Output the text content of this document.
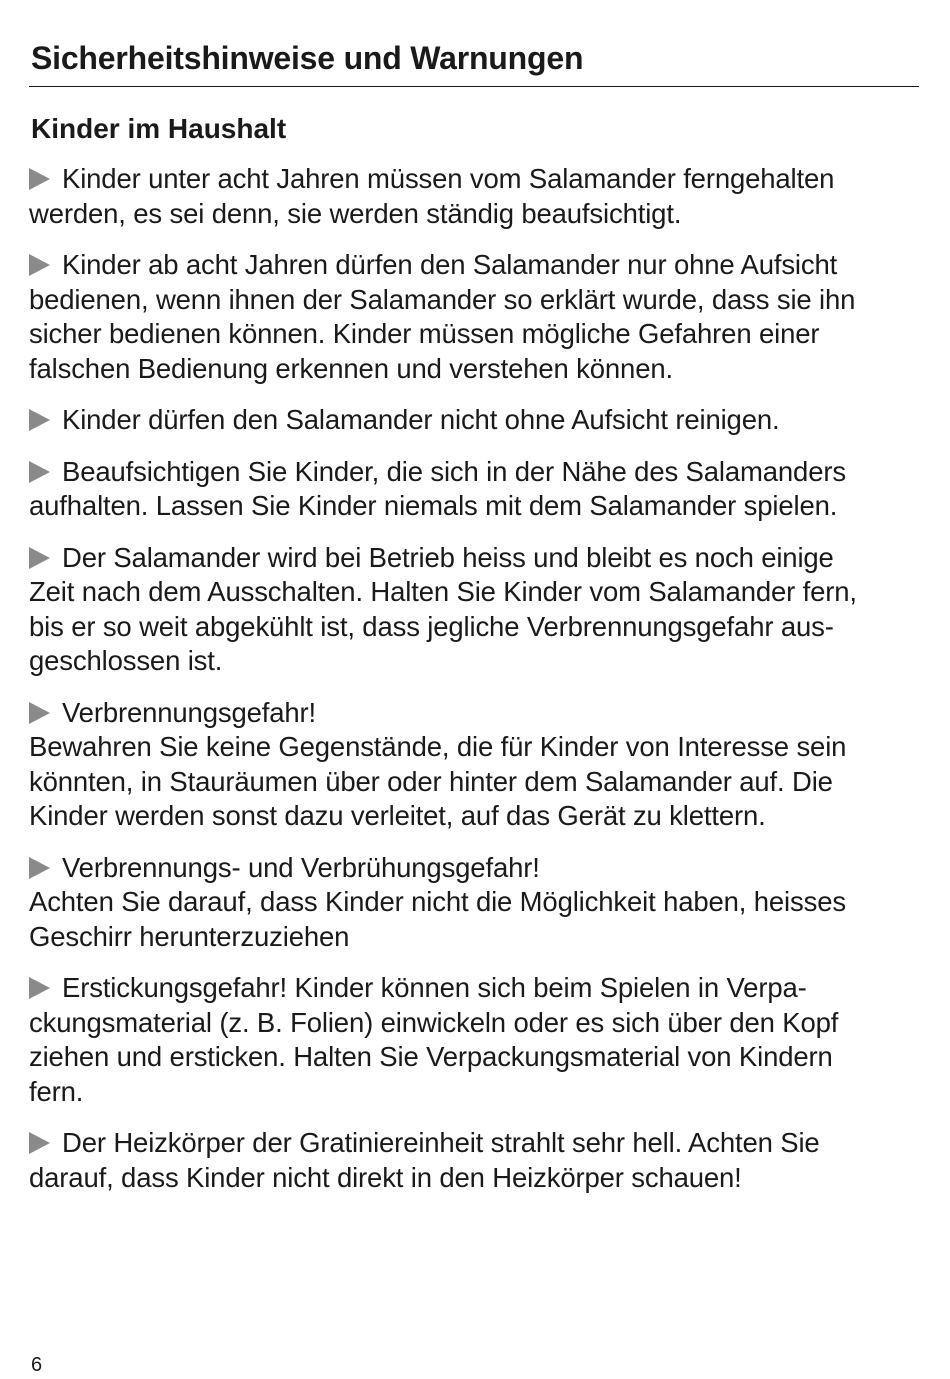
Sicherheitshinweise und Warnungen
Kinder im Haushalt
Kinder unter acht Jahren müssen vom Salamander ferngehalten
werden, es sei denn, sie werden ständig beaufsichtigt.
Kinder ab acht Jahren dürfen den Salamander nur ohne Aufsicht
bedienen, wenn ihnen der Salamander so erklärt wurde, dass sie ihn
sicher bedienen können. Kinder müssen mögliche Gefahren einer
falschen Bedienung erkennen und verstehen können.
Kinder dürfen den Salamander nicht ohne Aufsicht reinigen.
Beaufsichtigen Sie Kinder, die sich in der Nähe des Salamanders
aufhalten. Lassen Sie Kinder niemals mit dem Salamander spielen.
Der Salamander wird bei Betrieb heiss und bleibt es noch einige
Zeit nach dem Ausschalten. Halten Sie Kinder vom Salamander fern,
bis er so weit abgekühlt ist, dass jegliche Verbrennungsgefahr aus-
geschlossen ist.
Verbrennungsgefahr!
Bewahren Sie keine Gegenstände, die für Kinder von Interesse sein
könnten, in Stauräumen über oder hinter dem Salamander auf. Die
Kinder werden sonst dazu verleitet, auf das Gerät zu klettern.
Verbrennungs- und Verbrühungsgefahr!
Achten Sie darauf, dass Kinder nicht die Möglichkeit haben, heisses
Geschirr herunterzuziehen
Erstickungsgefahr! Kinder können sich beim Spielen in Verpa-
ckungsmaterial (z. B. Folien) einwickeln oder es sich über den Kopf
ziehen und ersticken. Halten Sie Verpackungsmaterial von Kindern
fern.
Der Heizkörper der Gratiniereinheit strahlt sehr hell. Achten Sie
darauf, dass Kinder nicht direkt in den Heizkörper schauen!
6
